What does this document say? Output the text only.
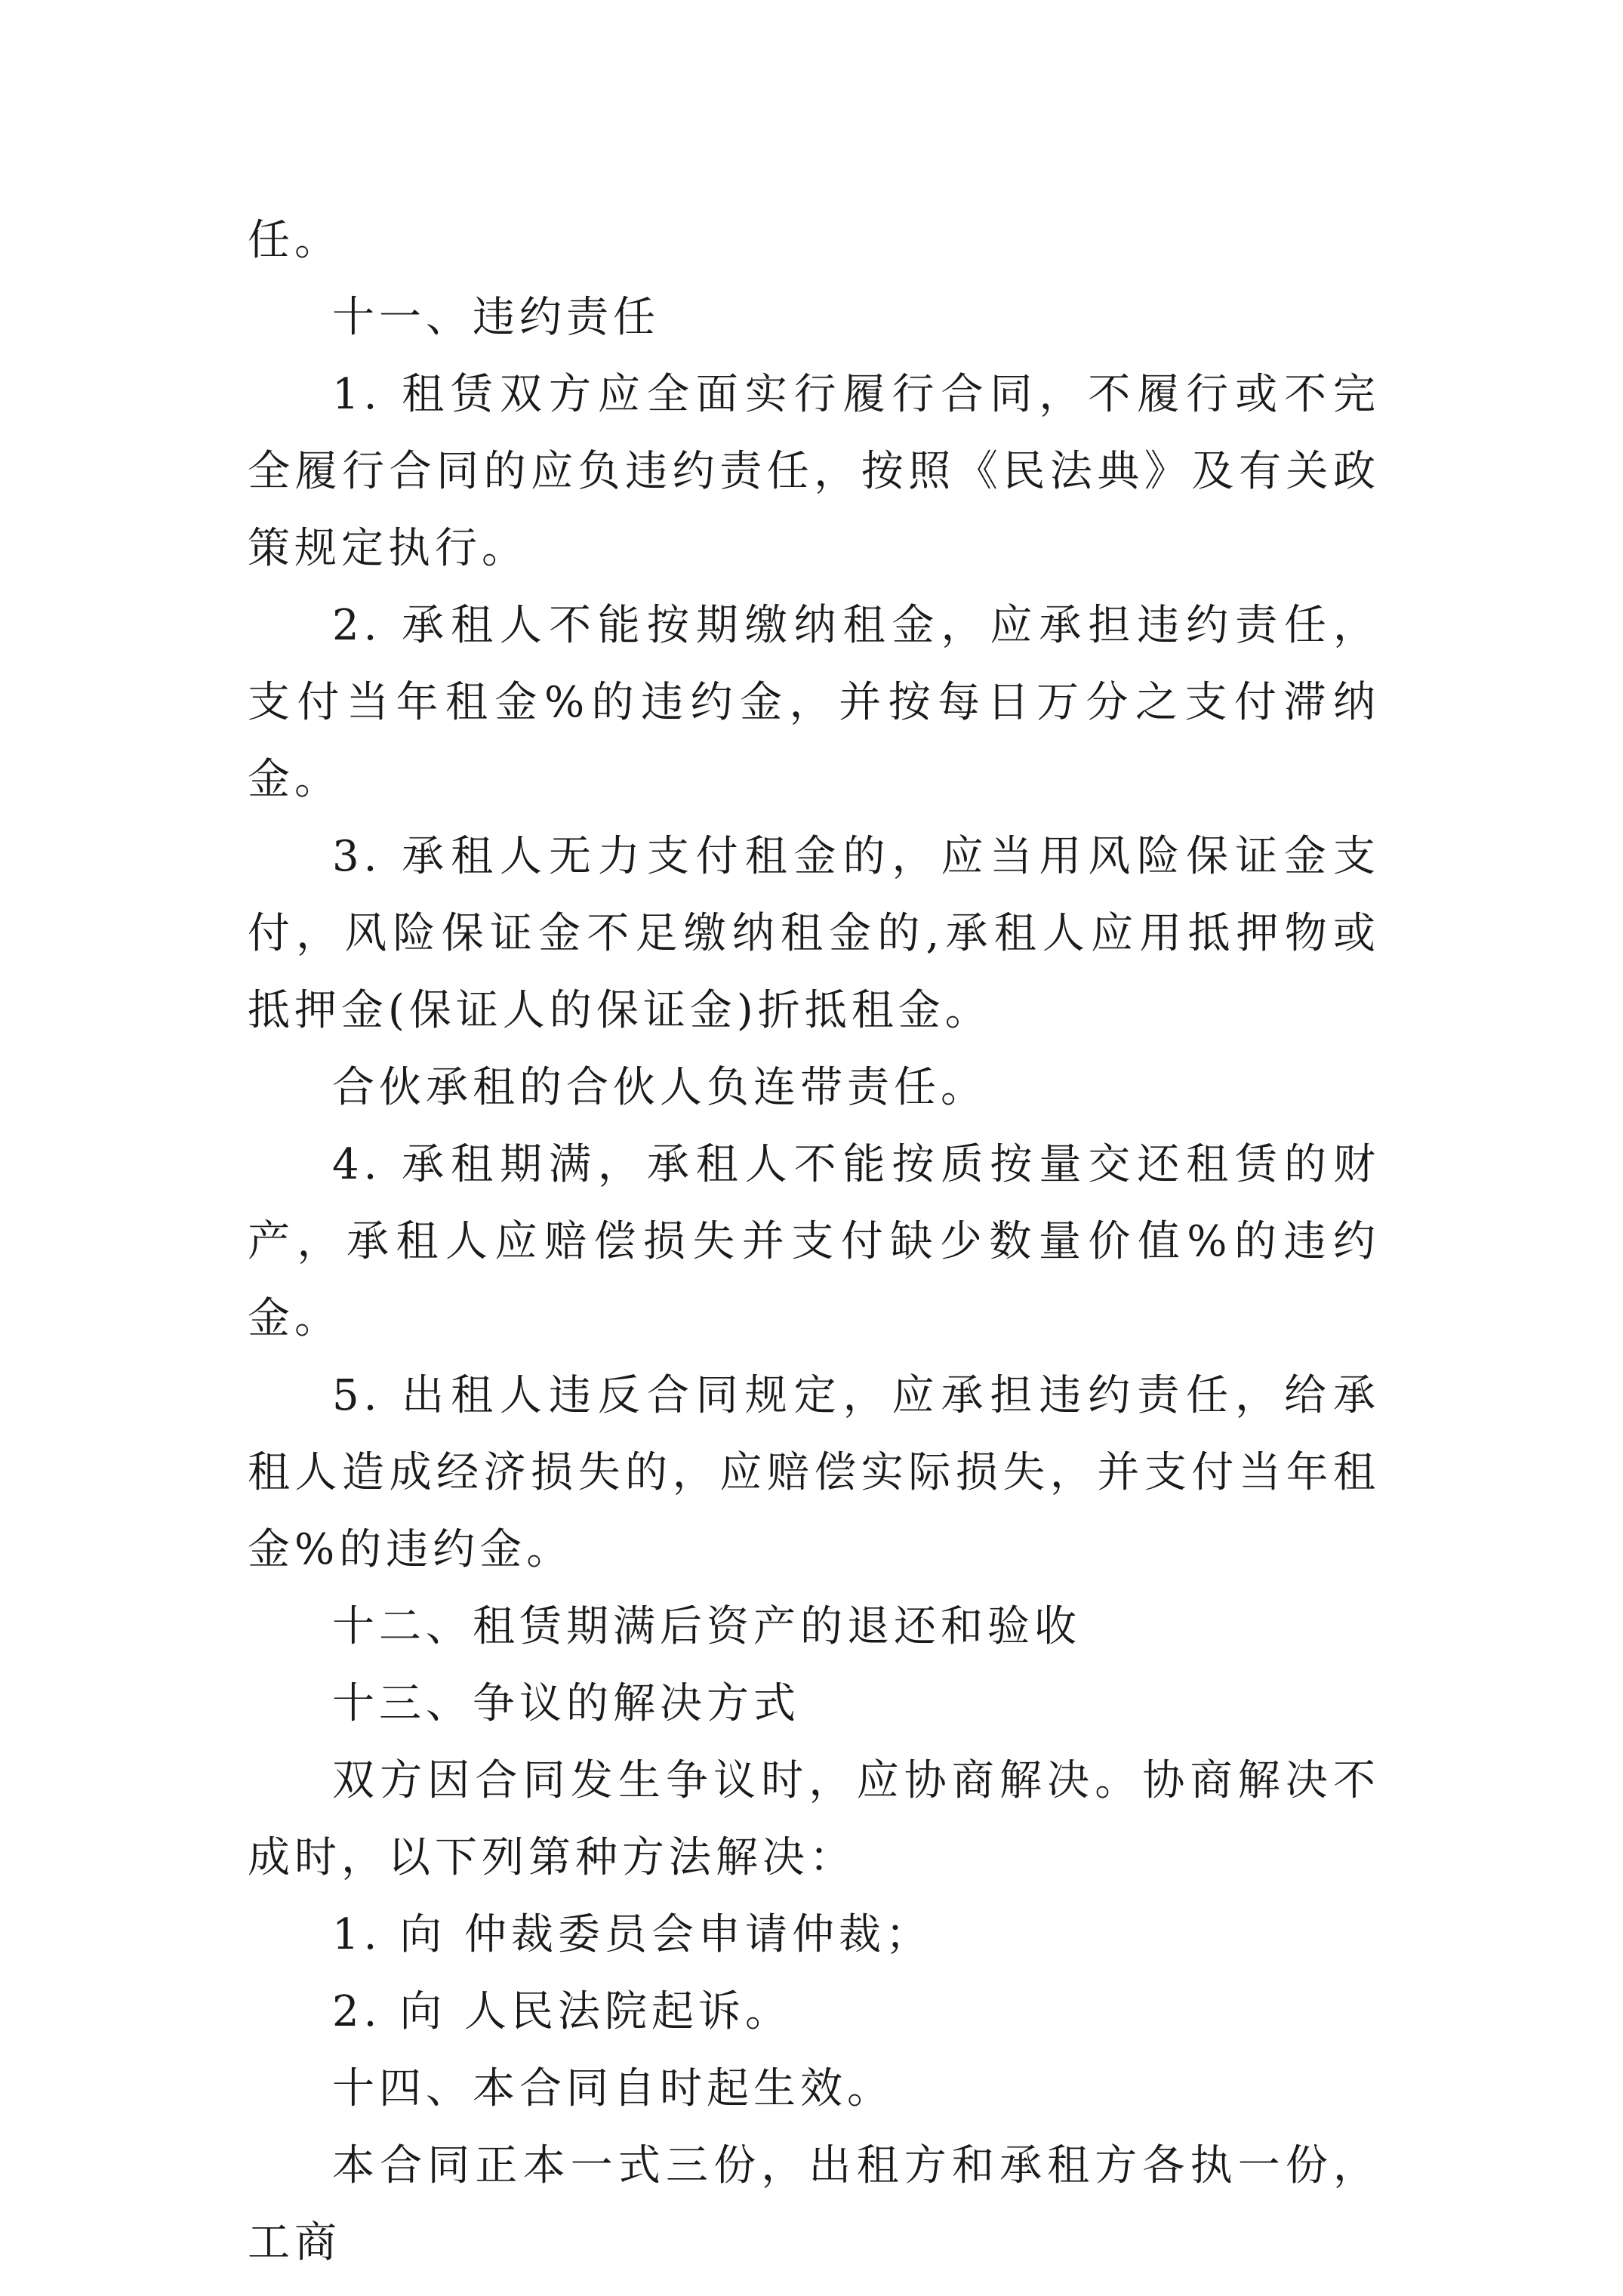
任。

十一、违约责任

1. 租赁双方应全面实行履行合同，不履行或不完全履行合同的应负违约责任，按照《民法典》及有关政策规定执行。

2. 承租人不能按期缴纳租金，应承担违约责任，支付当年租金%的违约金，并按每日万分之支付滞纳金。

3. 承租人无力支付租金的，应当用风险保证金支付，风险保证金不足缴纳租金的,承租人应用抵押物或抵押金(保证人的保证金)折抵租金。

合伙承租的合伙人负连带责任。

4. 承租期满，承租人不能按质按量交还租赁的财产，承租人应赔偿损失并支付缺少数量价值%的违约金。

5. 出租人违反合同规定，应承担违约责任，给承租人造成经济损失的，应赔偿实际损失，并支付当年租金%的违约金。

十二、租赁期满后资产的退还和验收

十三、争议的解决方式

双方因合同发生争议时，应协商解决。协商解决不成时，以下列第种方法解决：

1. 向 仲裁委员会申请仲裁；

2. 向 人民法院起诉。

十四、本合同自时起生效。

本合同正本一式三份，出租方和承租方各执一份，工商
